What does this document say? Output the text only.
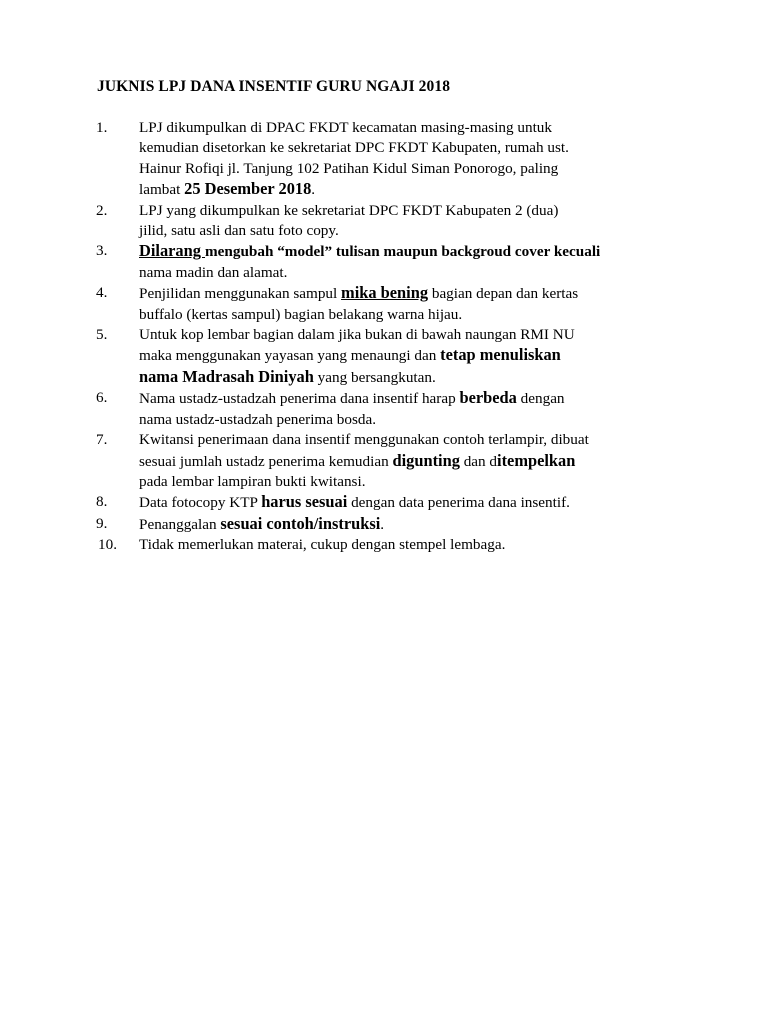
JUKNIS LPJ DANA INSENTIF GURU NGAJI 2018
1.	LPJ dikumpulkan di DPAC FKDT kecamatan masing-masing untuk
kemudian disetorkan ke sekretariat DPC FKDT Kabupaten, rumah ust.
Hainur Rofiqi jl. Tanjung 102 Patihan Kidul Siman Ponorogo, paling
lambat 25 Desember 2018.
2.	LPJ yang dikumpulkan ke sekretariat DPC FKDT Kabupaten 2 (dua)
jilid, satu asli dan satu foto copy.
3.	Dilarang mengubah “model” tulisan maupun backgroud cover kecuali
nama madin dan alamat.
4.	Penjilidan menggunakan sampul mika bening bagian depan dan kertas
buffalo (kertas sampul) bagian belakang warna hijau.
5.	Untuk kop lembar bagian dalam jika bukan di bawah naungan RMI NU
maka menggunakan yayasan yang menaungi dan tetap menuliskan
nama Madrasah Diniyah yang bersangkutan.
6.	Nama ustadz-ustadzah penerima dana insentif harap berbeda dengan
nama ustadz-ustadzah penerima bosda.
7.	Kwitansi penerimaan dana insentif menggunakan contoh terlampir, dibuat
sesuai jumlah ustadz penerima kemudian digunting dan ditempelkan
pada lembar lampiran bukti kwitansi.
8.	Data fotocopy KTP harus sesuai dengan data penerima dana insentif.
9.	Penanggalan sesuai contoh/instruksi.
10.	Tidak memerlukan materai, cukup dengan stempel lembaga.
